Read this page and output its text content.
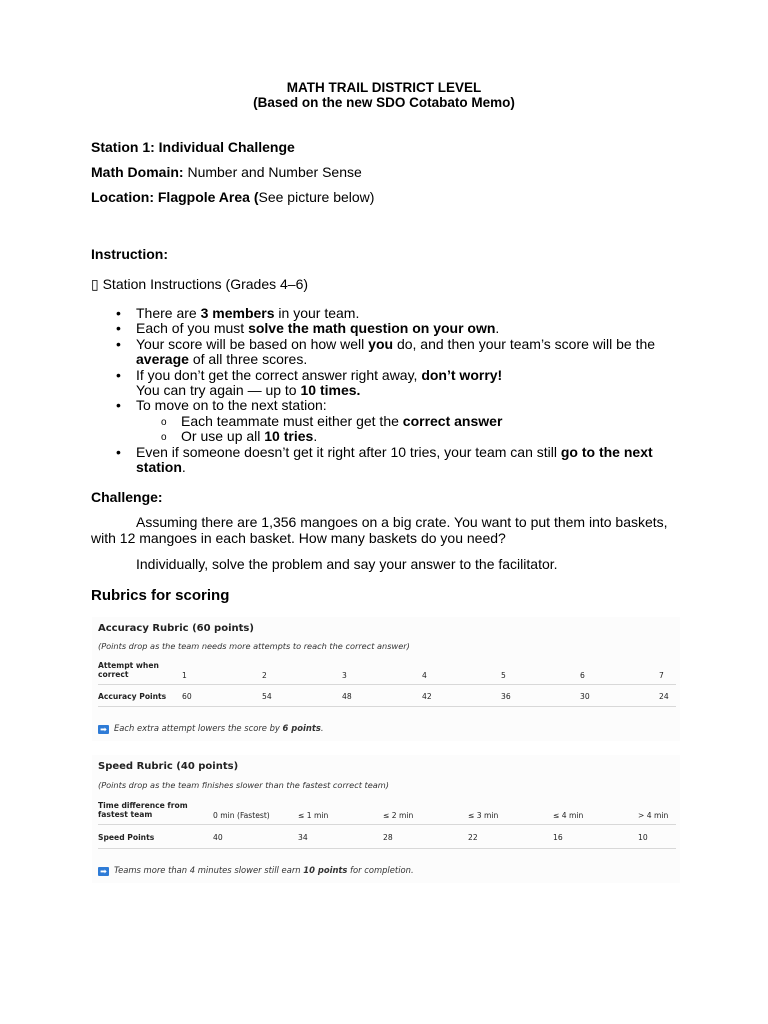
MATH TRAIL DISTRICT LEVEL
(Based on the new SDO Cotabato Memo)
Station 1: Individual Challenge
Math Domain: Number and Number Sense
Location: Flagpole Area (See picture below)
Instruction:
▯ Station Instructions (Grades 4–6)
• There are 3 members in your team.
• Each of you must solve the math question on your own.
• Your score will be based on how well you do, and then your team’s score will be the average of all three scores.
• If you don’t get the correct answer right away, don’t worry!
You can try again — up to 10 times.
• To move on to the next station:
o Each teammate must either get the correct answer
o Or use up all 10 tries.
• Even if someone doesn’t get it right after 10 tries, your team can still go to the next station.
Challenge:
Assuming there are 1,356 mangoes on a big crate. You want to put them into baskets, with 12 mangoes in each basket. How many baskets do you need?
Individually, solve the problem and say your answer to the facilitator.
Rubrics for scoring
Accuracy Rubric (60 points)
(Points drop as the team needs more attempts to reach the correct answer)
Attempt when correct	1	2	3	4	5	6	7
Accuracy Points 60	54	48	42	36	30	24
➡ Each extra attempt lowers the score by 6 points.
Speed Rubric (40 points)
(Points drop as the team finishes slower than the fastest correct team)
Time difference from fastest team	0 min (Fastest)	≤ 1 min	≤ 2 min	≤ 3 min	≤ 4 min	> 4 min
Speed Points	40	34	28	22	16	10
➡ Teams more than 4 minutes slower still earn 10 points for completion.
